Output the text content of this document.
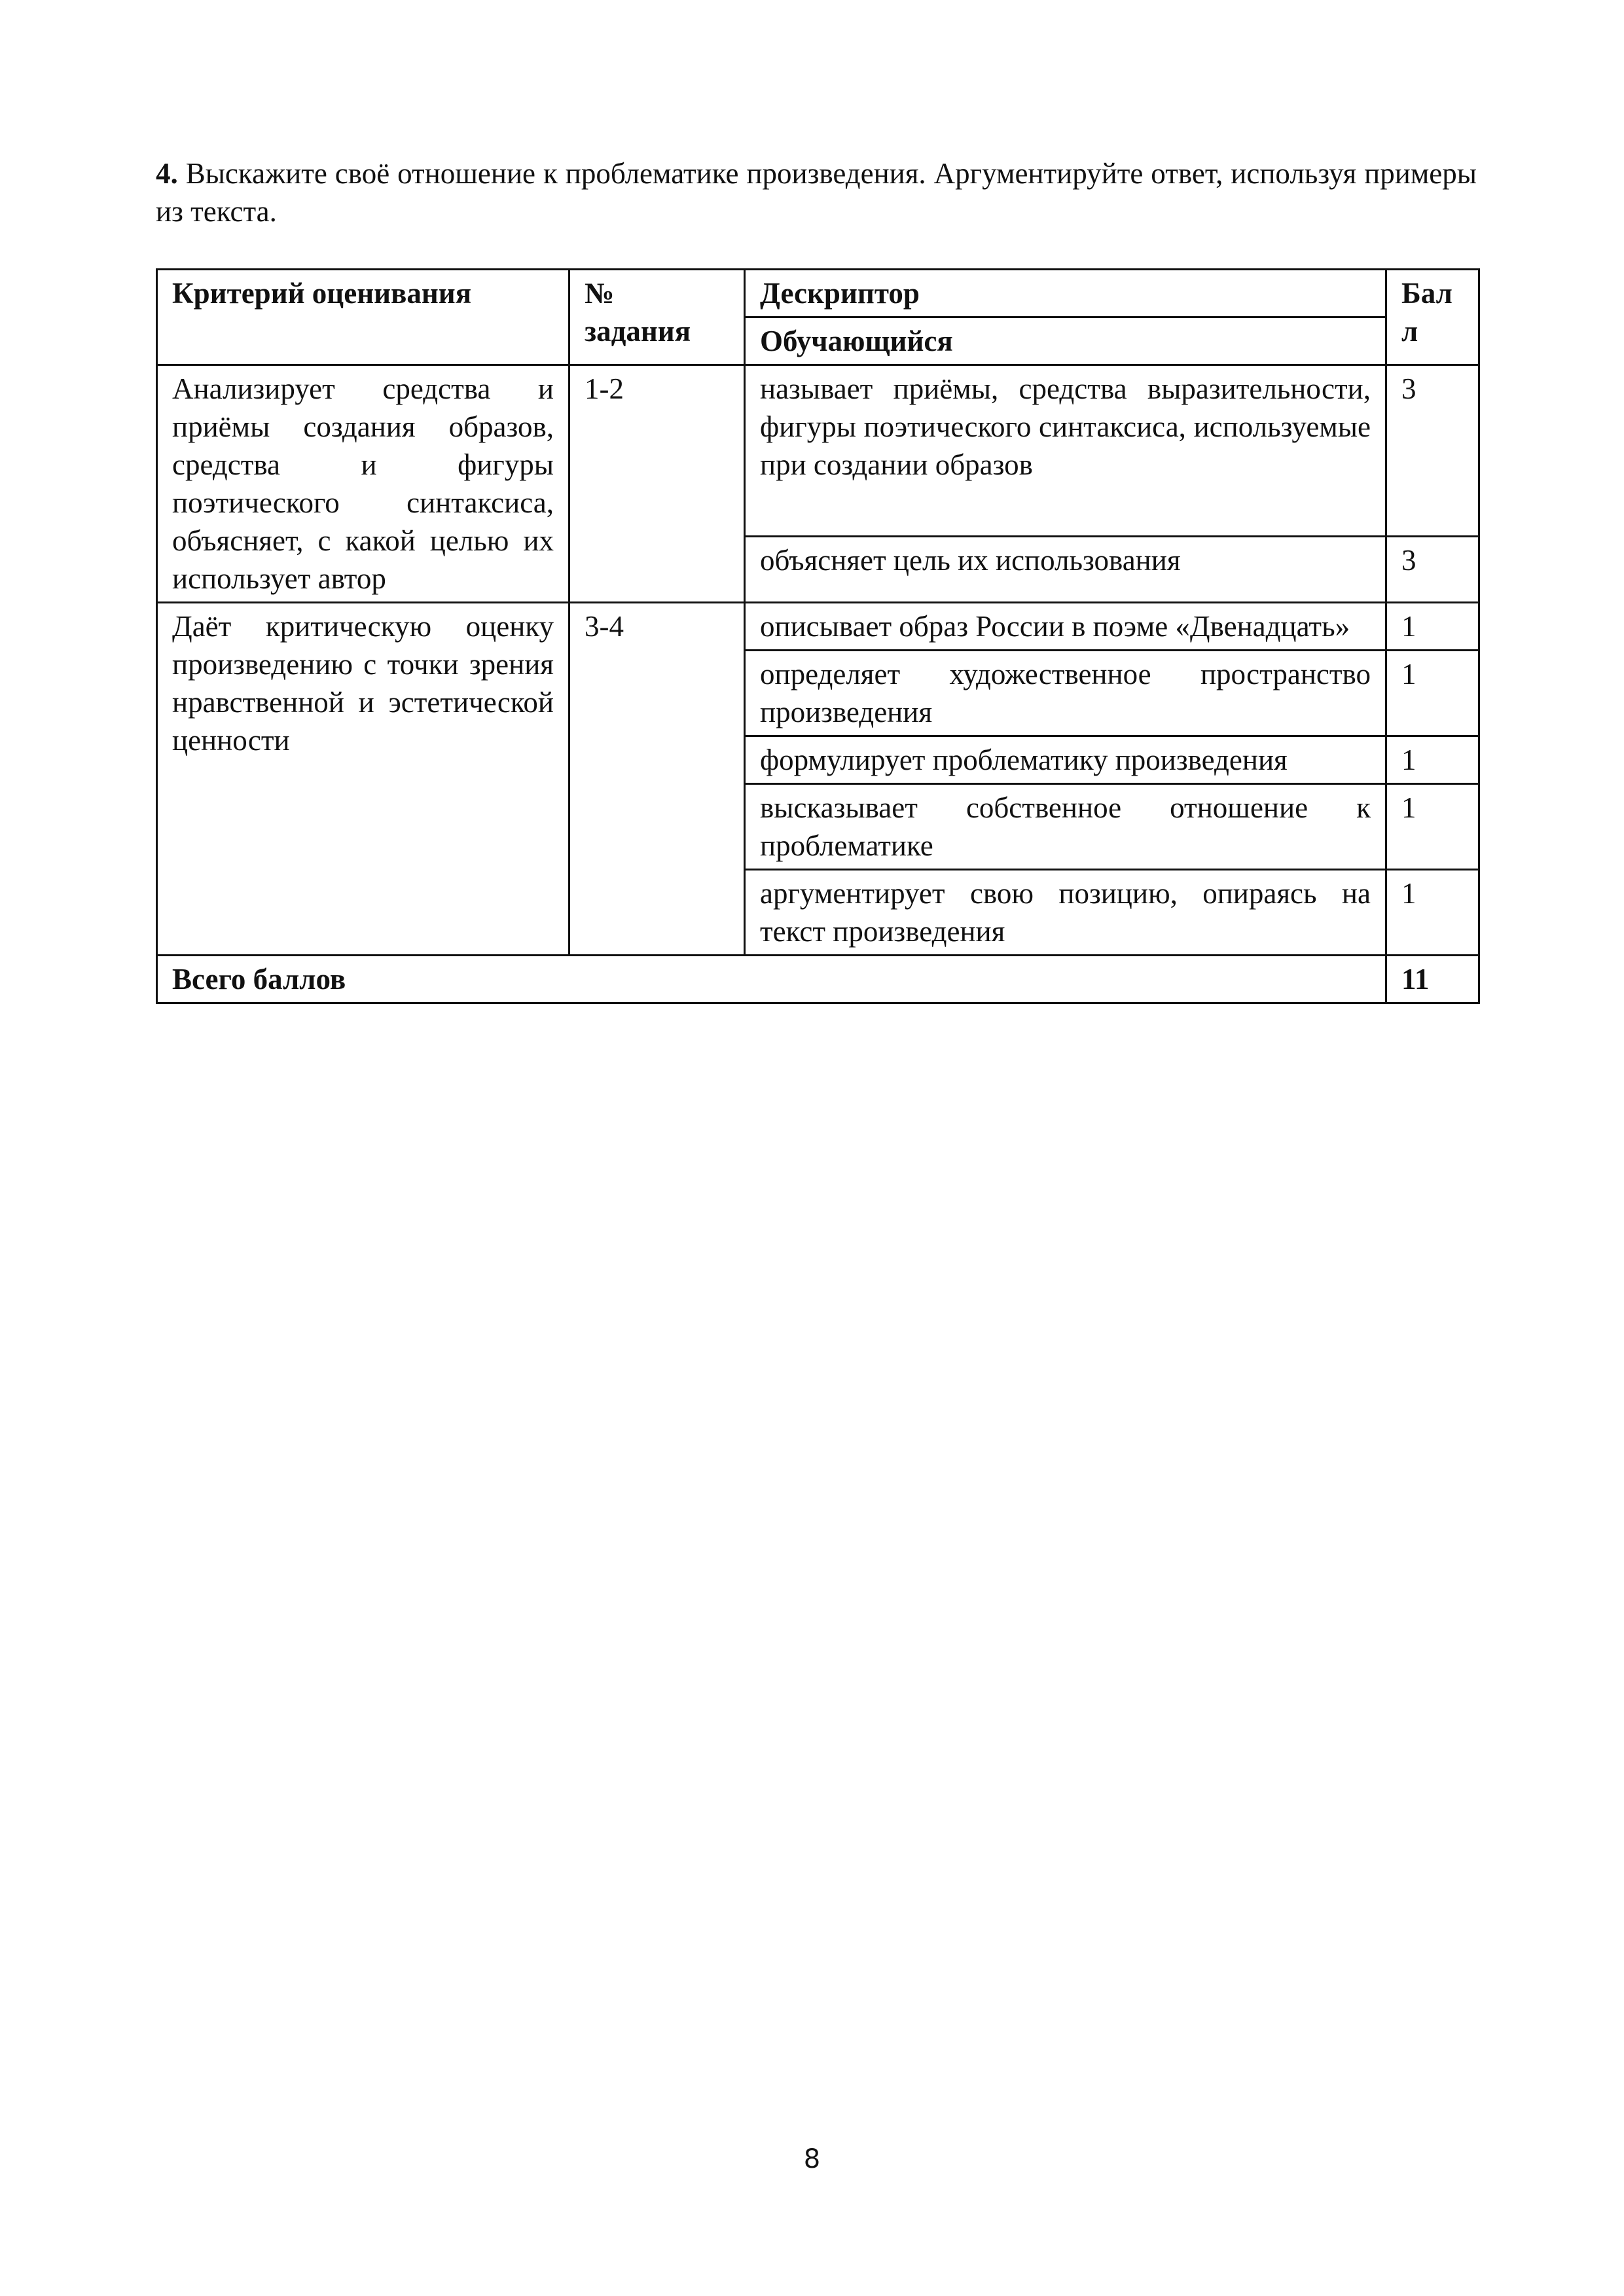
4. Выскажите своё отношение к проблематике произведения. Аргументируйте ответ, используя примеры из текста.

Критерий оценивания	№ задания	Дескриптор	Балл
		Обучающийся	
Анализирует средства и приёмы создания образов, средства и фигуры поэтического синтаксиса, объясняет, с какой целью их использует автор	1-2	называет приёмы, средства выразительности, фигуры поэтического синтаксиса, используемые при создании образов	3
		объясняет цель их использования	3
Даёт критическую оценку произведению с точки зрения нравственной и эстетической ценности	3-4	описывает образ России в поэме «Двенадцать»	1
		определяет художественное пространство произведения	1
		формулирует проблематику произведения	1
		высказывает собственное отношение к проблематике	1
		аргументирует свою позицию, опираясь на текст произведения	1
Всего баллов			11
8
